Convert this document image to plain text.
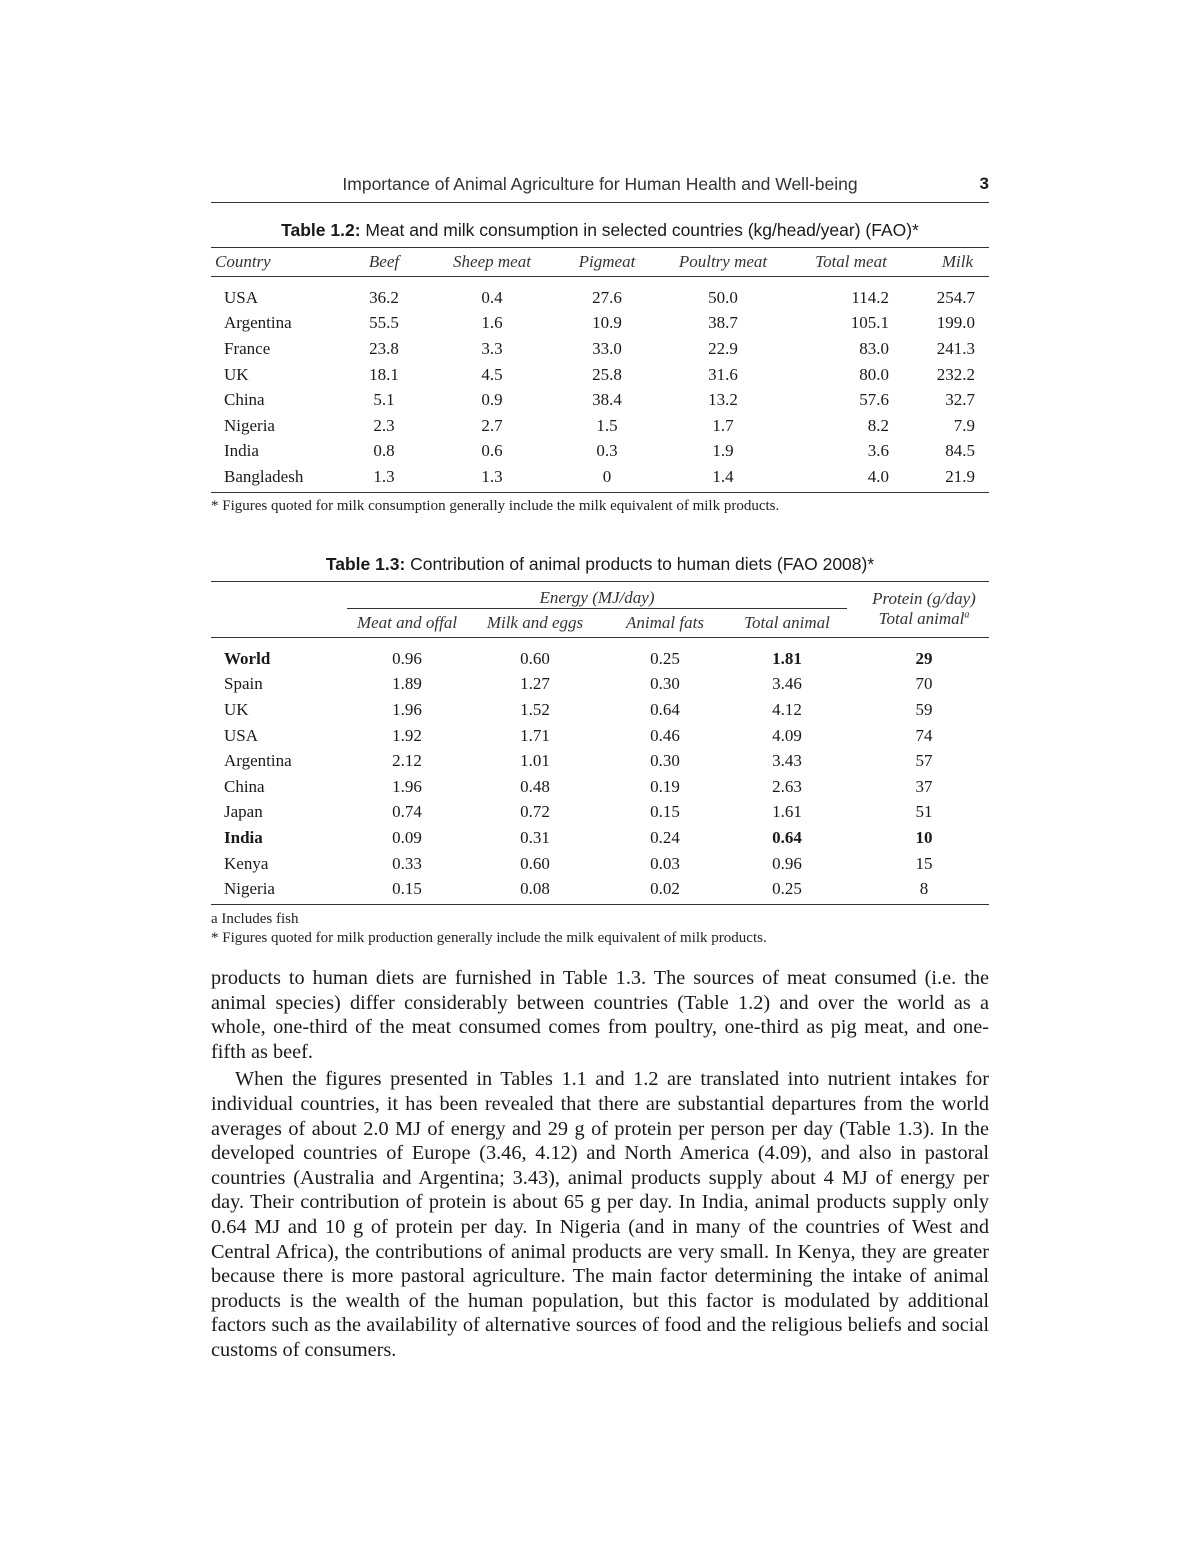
Importance of Animal Agriculture for Human Health and Well-being	3
Table 1.2: Meat and milk consumption in selected countries (kg/head/year) (FAO)*
Country	Beef	Sheep meat	Pigmeat	Poultry meat	Total meat	Milk
USA	36.2	0.4	27.6	50.0	114.2	254.7
Argentina	55.5	1.6	10.9	38.7	105.1	199.0
France	23.8	3.3	33.0	22.9	83.0	241.3
UK	18.1	4.5	25.8	31.6	80.0	232.2
China	5.1	0.9	38.4	13.2	57.6	32.7
Nigeria	2.3	2.7	1.5	1.7	8.2	7.9
India	0.8	0.6	0.3	1.9	3.6	84.5
Bangladesh	1.3	1.3	0	1.4	4.0	21.9
* Figures quoted for milk consumption generally include the milk equivalent of milk products.
Table 1.3: Contribution of animal products to human diets (FAO 2008)*
	Energy (MJ/day)					Protein (g/day)
	Meat and offal	Milk and eggs	Animal fats	Total animal		Total animal$^a$
World	0.96	0.60	0.25	1.81		29
Spain	1.89	1.27	0.30	3.46		70
UK	1.96	1.52	0.64	4.12		59
USA	1.92	1.71	0.46	4.09		74
Argentina	2.12	1.01	0.30	3.43		57
China	1.96	0.48	0.19	2.63		37
Japan	0.74	0.72	0.15	1.61		51
India	0.09	0.31	0.24	0.64		10
Kenya	0.33	0.60	0.03	0.96		15
Nigeria	0.15	0.08	0.02	0.25		8
a Includes fish
* Figures quoted for milk production generally include the milk equivalent of milk products.

products to human diets are furnished in Table 1.3. The sources of meat consumed (i.e. the animal species) differ considerably between countries (Table 1.2) and over the world as a whole, one-third of the meat consumed comes from poultry, one-third as pig meat, and one-fifth as beef.

When the figures presented in Tables 1.1 and 1.2 are translated into nutrient intakes for individual countries, it has been revealed that there are substantial departures from the world averages of about 2.0 MJ of energy and 29 g of protein per person per day (Table 1.3). In the developed countries of Europe (3.46, 4.12) and North America (4.09), and also in pastoral countries (Australia and Argentina; 3.43), animal products supply about 4 MJ of energy per day. Their contribution of protein is about 65 g per day. In India, animal products supply only 0.64 MJ and 10 g of protein per day. In Nigeria (and in many of the countries of West and Central Africa), the contributions of animal products are very small. In Kenya, they are greater because there is more pastoral agriculture. The main factor determining the intake of animal products is the wealth of the human population, but this factor is modulated by additional factors such as the availability of alternative sources of food and the religious beliefs and social customs of consumers.
